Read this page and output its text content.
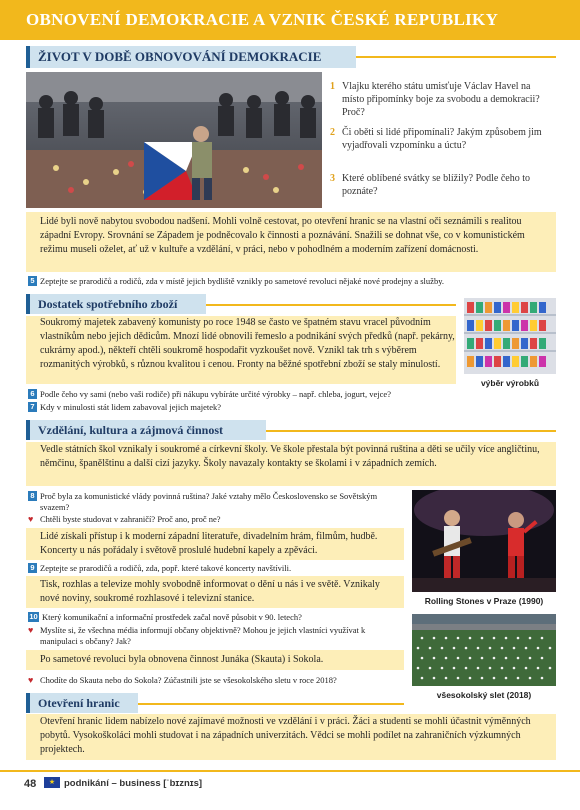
OBNOVENÍ DEMOKRACIE A VZNIK ČESKÉ REPUBLIKY
ŽIVOT V DOBĚ OBNOVOVÁNÍ DEMOKRACIE
1 Vlajku kterého státu umisťuje Václav Havel na místo připomínky boje za svobodu a demokracii? Proč?
2 Či oběti si lidé připomínali? Jakým způsobem jim vyjadřovali vzpomínku a úctu?
3 Které oblíbené svátky se blížily? Podle čeho to poznáte?
Lidé byli nově nabytou svobodou nadšení. Mohli volně cestovat, po otevření hranic se na vlastní oči seznámili s realitou západní Evropy. Srovnání se Západem je podněcovalo k činnosti a poznávání. Snažili se dohnat vše, co v komunistickém režimu museli oželet, ať už v kultuře a vzdělání, v práci, nebo v pohodlném a moderním zařízení domácnosti.
5 Zeptejte se prarodičů a rodičů, zda v místě jejich bydliště vznikly po sametové revoluci nějaké nové prodejny a služby.
Dostatek spotřebního zboží
Soukromý majetek zabavený komunisty po roce 1948 se často ve špatném stavu vracel původním vlastníkům nebo jejich dědicům. Mnozí lidé obnovili řemeslo a podnikání svých předků (např. pekárny, cukrárny apod.), někteří chtěli soukromě hospodařit vyzkoušet nově. Vznikl tak trh s výběrem rozmanitých výrobků, s různou kvalitou i cenou. Fronty na běžné spotřební zboží se staly minulostí.
výběr výrobků
6 Podle čeho vy sami (nebo vaši rodiče) při nákupu vybíráte určité výrobky – např. chleba, jogurt, vejce?
7 Kdy v minulosti stát lidem zabavoval jejich majetek?
Vzdělání, kultura a zájmová činnost
Vedle státních škol vznikaly i soukromé a církevní školy. Ve škole přestala být povinná ruština a děti se učily více angličtinu, němčinu, španělštinu a další cizí jazyky. Školy navazaly kontakty se školami i v západních zemích.
8 Proč byla za komunistické vlády povinná ruština? Jaké vztahy mělo Československo se Sovětským svazem?
♥ Chtěli byste studovat v zahraničí? Proč ano, proč ne?
Lidé získali přístup i k moderní západní literatuře, divadelním hrám, filmům, hudbě. Koncerty u nás pořádaly i světově proslulé hudební kapely a zpěváci.
9 Zeptejte se prarodičů a rodičů, zda, popř. které takové koncerty navštívili.
Tisk, rozhlas a televize mohly svobodně informovat o dění u nás i ve světě. Vznikaly nové noviny, soukromé rozhlasové i televizní stanice.
10 Který komunikační a informační prostředek začal nově působit v 90. letech?
♥ Myslíte si, že všechna média informují občany objektivně? Mohou je jejich vlastníci využívat k manipulaci s občany? Jak?
Po sametové revoluci byla obnovena činnost Junáka (Skauta) i Sokola.
♥ Chodíte do Skauta nebo do Sokola? Zúčastnili jste se všesokolského sletu v roce 2018?
Rolling Stones v Praze (1990)
všesokolský slet (2018)
Otevření hranic
Otevření hranic lidem nabízelo nové zajímavé možnosti ve vzdělání i v práci. Žáci a studenti se mohli účastnit výměnných pobytů. Vysokoškoláci mohli studovat i na západních univerzitách. Vědci se mohli podílet na zahraničních výzkumných projektech.
48	★ podnikání – business [ˈbɪznɪs]
